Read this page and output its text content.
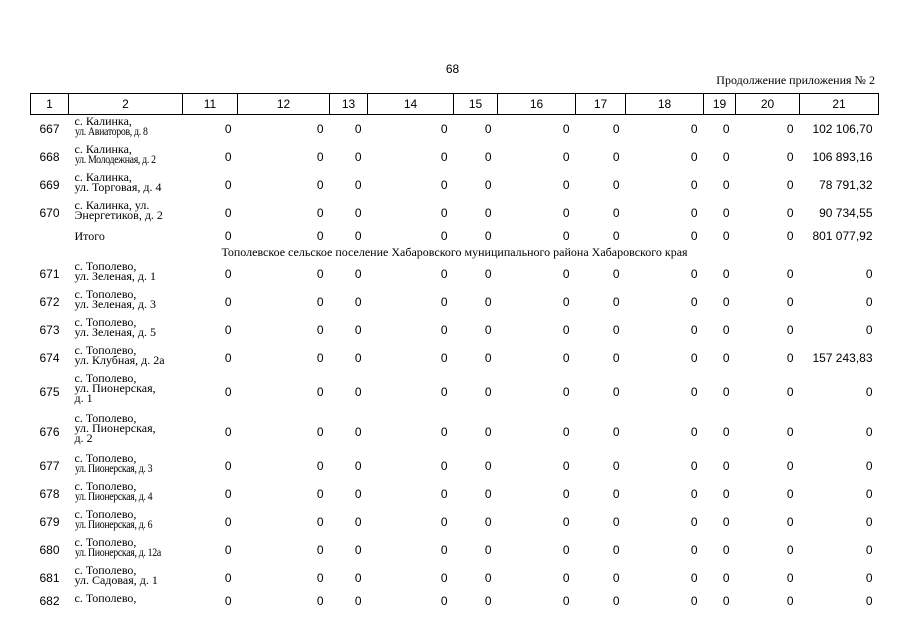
68
Продолжение приложения № 2
1	2	11	12	13	14	15	16	17	18	19	20	21
667	с. Калинка,
ул. Авиаторов, д. 8	0	0	0	0	0	0	0	0	0	0	102 106,70
668	с. Калинка,
ул. Молодежная, д. 2	0	0	0	0	0	0	0	0	0	0	106 893,16
669	с. Калинка,
ул. Торговая, д. 4	0	0	0	0	0	0	0	0	0	0	78 791,32
670	с. Калинка, ул.
Энергетиков, д. 2	0	0	0	0	0	0	0	0	0	0	90 734,55
	Итого	0	0	0	0	0	0	0	0	0	0	801 077,92
Тополевское сельское поселение Хабаровского муниципального района Хабаровского края												
671	с. Тополево,
ул. Зеленая, д. 1	0	0	0	0	0	0	0	0	0	0	0
672	с. Тополево,
ул. Зеленая, д. 3	0	0	0	0	0	0	0	0	0	0	0
673	с. Тополево,
ул. Зеленая, д. 5	0	0	0	0	0	0	0	0	0	0	0
674	с. Тополево,
ул. Клубная, д. 2а	0	0	0	0	0	0	0	0	0	0	157 243,83
675	с. Тополево,
ул. Пионерская,
д. 1	0	0	0	0	0	0	0	0	0	0	0
676	с. Тополево,
ул. Пионерская,
д. 2	0	0	0	0	0	0	0	0	0	0	0
677	с. Тополево,
ул. Пионерская, д. 3	0	0	0	0	0	0	0	0	0	0	0
678	с. Тополево,
ул. Пионерская, д. 4	0	0	0	0	0	0	0	0	0	0	0
679	с. Тополево,
ул. Пионерская, д. 6	0	0	0	0	0	0	0	0	0	0	0
680	с. Тополево,
ул. Пионерская, д. 12а	0	0	0	0	0	0	0	0	0	0	0
681	с. Тополево,
ул. Садовая, д. 1	0	0	0	0	0	0	0	0	0	0	0
682	с. Тополево,	0	0	0	0	0	0	0	0	0	0	0
